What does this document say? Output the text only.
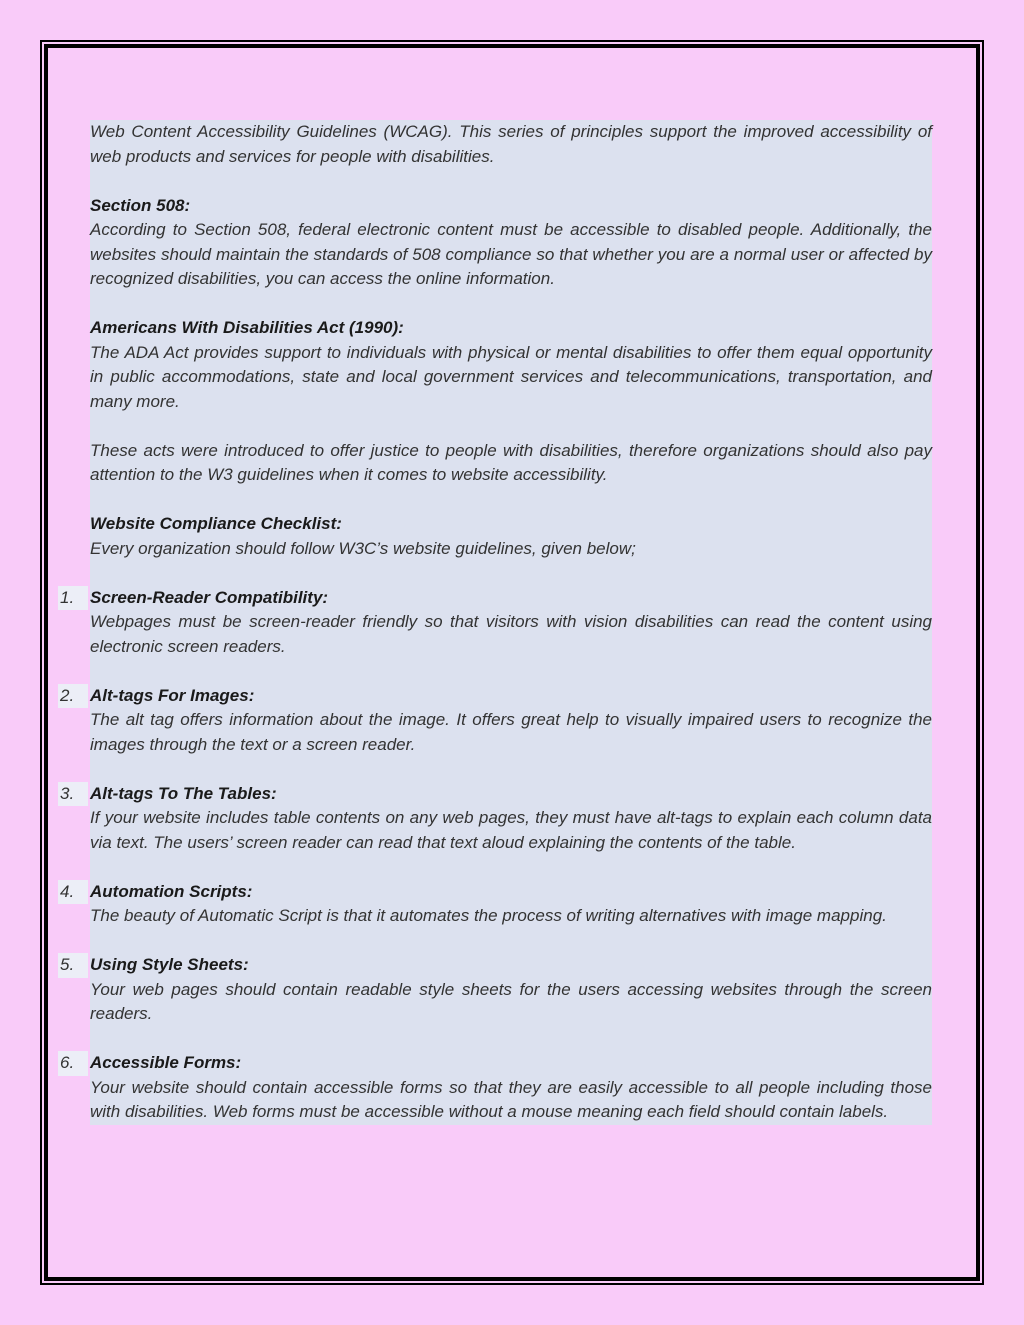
Web Content Accessibility Guidelines (WCAG). This series of principles support the improved accessibility of web products and services for people with disabilities.
Section 508:
According to Section 508, federal electronic content must be accessible to disabled people. Additionally, the websites should maintain the standards of 508 compliance so that whether you are a normal user or affected by recognized disabilities, you can access the online information.
Americans With Disabilities Act (1990):
The ADA Act provides support to individuals with physical or mental disabilities to offer them equal opportunity in public accommodations, state and local government services and telecommunications, transportation, and many more.
These acts were introduced to offer justice to people with disabilities, therefore organizations should also pay attention to the W3 guidelines when it comes to website accessibility.
Website Compliance Checklist:
Every organization should follow W3C’s website guidelines, given below;
1. Screen-Reader Compatibility:
Webpages must be screen-reader friendly so that visitors with vision disabilities can read the content using electronic screen readers.
2. Alt-tags For Images:
The alt tag offers information about the image. It offers great help to visually impaired users to recognize the images through the text or a screen reader.
3. Alt-tags To The Tables:
If your website includes table contents on any web pages, they must have alt-tags to explain each column data via text. The users’ screen reader can read that text aloud explaining the contents of the table.
4. Automation Scripts:
The beauty of Automatic Script is that it automates the process of writing alternatives with image mapping.
5. Using Style Sheets:
Your web pages should contain readable style sheets for the users accessing websites through the screen readers.
6. Accessible Forms:
Your website should contain accessible forms so that they are easily accessible to all people including those with disabilities. Web forms must be accessible without a mouse meaning each field should contain labels.
